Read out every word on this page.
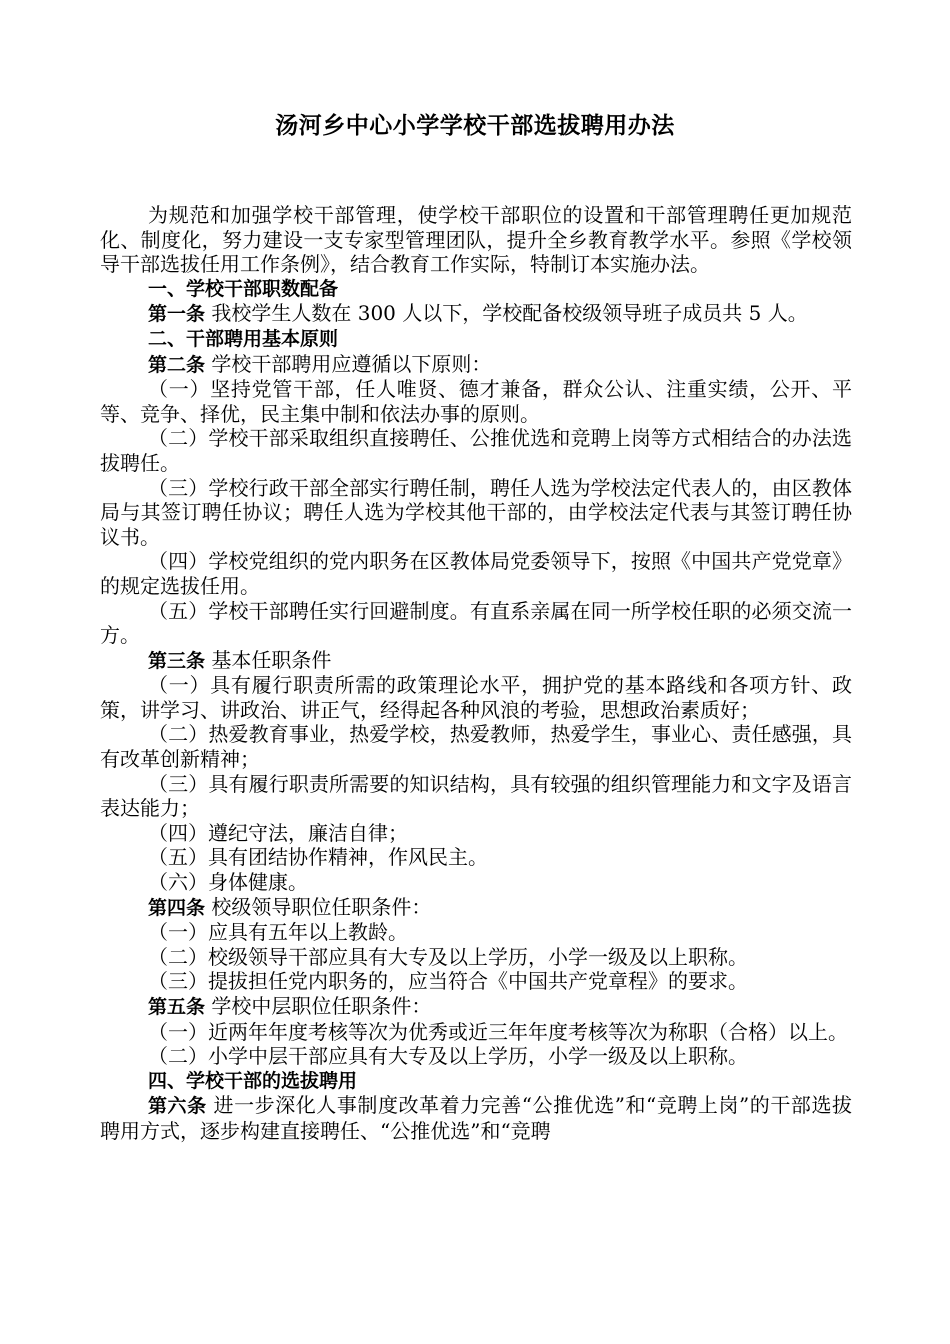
汤河乡中心小学学校干部选拔聘用办法

为规范和加强学校干部管理，使学校干部职位的设置和干部管理聘任更加规范化、制度化，努力建设一支专家型管理团队，提升全乡教育教学水平。参照《学校领导干部选拔任用工作条例》，结合教育工作实际，特制订本实施办法。

一、学校干部职数配备

第一条 我校学生人数在 300 人以下，学校配备校级领导班子成员共 5 人。

二、干部聘用基本原则

第二条 学校干部聘用应遵循以下原则：

（一）坚持党管干部，任人唯贤、德才兼备，群众公认、注重实绩，公开、平等、竞争、择优，民主集中制和依法办事的原则。

（二）学校干部采取组织直接聘任、公推优选和竞聘上岗等方式相结合的办法选拔聘任。

（三）学校行政干部全部实行聘任制，聘任人选为学校法定代表人的，由区教体局与其签订聘任协议；聘任人选为学校其他干部的，由学校法定代表与其签订聘任协议书。

（四）学校党组织的党内职务在区教体局党委领导下，按照《中国共产党党章》的规定选拔任用。

（五）学校干部聘任实行回避制度。有直系亲属在同一所学校任职的必须交流一方。

第三条 基本任职条件

（一）具有履行职责所需的政策理论水平，拥护党的基本路线和各项方针、政策，讲学习、讲政治、讲正气，经得起各种风浪的考验，思想政治素质好；

（二）热爱教育事业，热爱学校，热爱教师，热爱学生，事业心、责任感强，具有改革创新精神；

（三）具有履行职责所需要的知识结构，具有较强的组织管理能力和文字及语言表达能力；

（四）遵纪守法，廉洁自律；

（五）具有团结协作精神，作风民主。

（六）身体健康。

第四条 校级领导职位任职条件：

（一）应具有五年以上教龄。

（二）校级领导干部应具有大专及以上学历，小学一级及以上职称。

（三）提拔担任党内职务的，应当符合《中国共产党章程》的要求。

第五条 学校中层职位任职条件：

（一）近两年年度考核等次为优秀或近三年年度考核等次为称职（合格）以上。

（二）小学中层干部应具有大专及以上学历，小学一级及以上职称。

四、学校干部的选拔聘用

第六条 进一步深化人事制度改革着力完善“公推优选”和“竞聘上岗”的干部选拔聘用方式，逐步构建直接聘任、“公推优选”和“竞聘
